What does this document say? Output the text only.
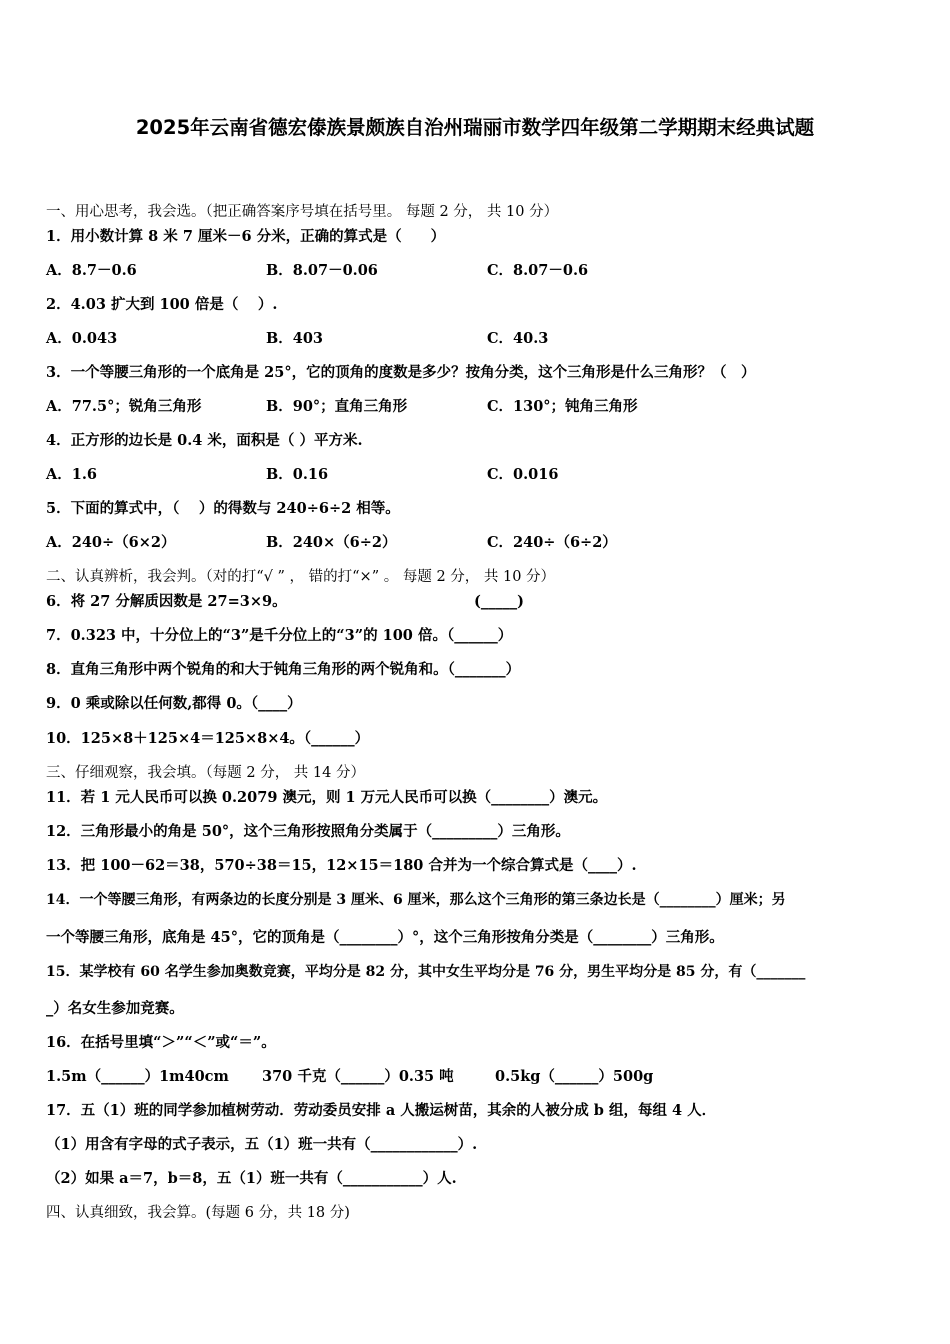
2025年云南省德宏傣族景颇族自治州瑞丽市数学四年级第二学期期末经典试题
一、用心思考，我会选。（把正确答案序号填在括号里。 每题 2 分， 共 10 分）
1．用小数计算 8 米 7 厘米－6 分米，正确的算式是（　　）
A．8.7－0.6	B．8.07－0.06	C．8.07－0.6
2．4.03 扩大到 100 倍是（　 ）.
A．0.043	B．403	C．40.3
3．一个等腰三角形的一个底角是 25°，它的顶角的度数是多少？按角分类，这个三角形是什么三角形？（　）
A．77.5°；锐角三角形	B．90°；直角三角形	C．130°；钝角三角形
4．正方形的边长是 0.4 米，面积是（ ）平方米.
A．1.6	B．0.16	C．0.016
5．下面的算式中，（　 ）的得数与 240÷6÷2 相等。
A．240÷（6×2）	B．240×（6÷2）	C．240÷（6÷2）
二、认真辨析，我会判。（对的打“√ ” ， 错的打“×” 。 每题 2 分， 共 10 分）
6．将 27 分解质因数是 27=3×9。	(_____)
7．0.323 中，十分位上的“3”是千分位上的“3”的 100 倍。（______）
8．直角三角形中两个锐角的和大于钝角三角形的两个锐角和。（_______）
9．0 乘或除以任何数,都得 0。（____）
10．125×8＋125×4＝125×8×4。（______）
三、仔细观察，我会填。（每题 2 分， 共 14 分）
11．若 1 元人民币可以换 0.2079 澳元，则 1 万元人民币可以换（________）澳元。
12．三角形最小的角是 50°，这个三角形按照角分类属于（_________）三角形。
13．把 100－62＝38，570÷38＝15，12×15＝180 合并为一个综合算式是（____）.
14．一个等腰三角形，有两条边的长度分别是 3 厘米、6 厘米，那么这个三角形的第三条边长是（________）厘米；另
一个等腰三角形，底角是 45°，它的顶角是（________）°，这个三角形按角分类是（________）三角形。
15．某学校有 60 名学生参加奥数竞赛，平均分是 82 分，其中女生平均分是 76 分，男生平均分是 85 分，有（_______
_）名女生参加竞赛。
16．在括号里填“＞”“＜”或“＝”。
1.5m（______）1m40cm 370 千克（______）0.35 吨	0.5kg（______）500g
17．五（1）班的同学参加植树劳动．劳动委员安排 a 人搬运树苗，其余的人被分成 b 组，每组 4 人．
（1）用含有字母的式子表示，五（1）班一共有（____________）.
（2）如果 a＝7，b＝8，五（1）班一共有（___________）人.
四、认真细致，我会算。(每题 6 分，共 18 分)
